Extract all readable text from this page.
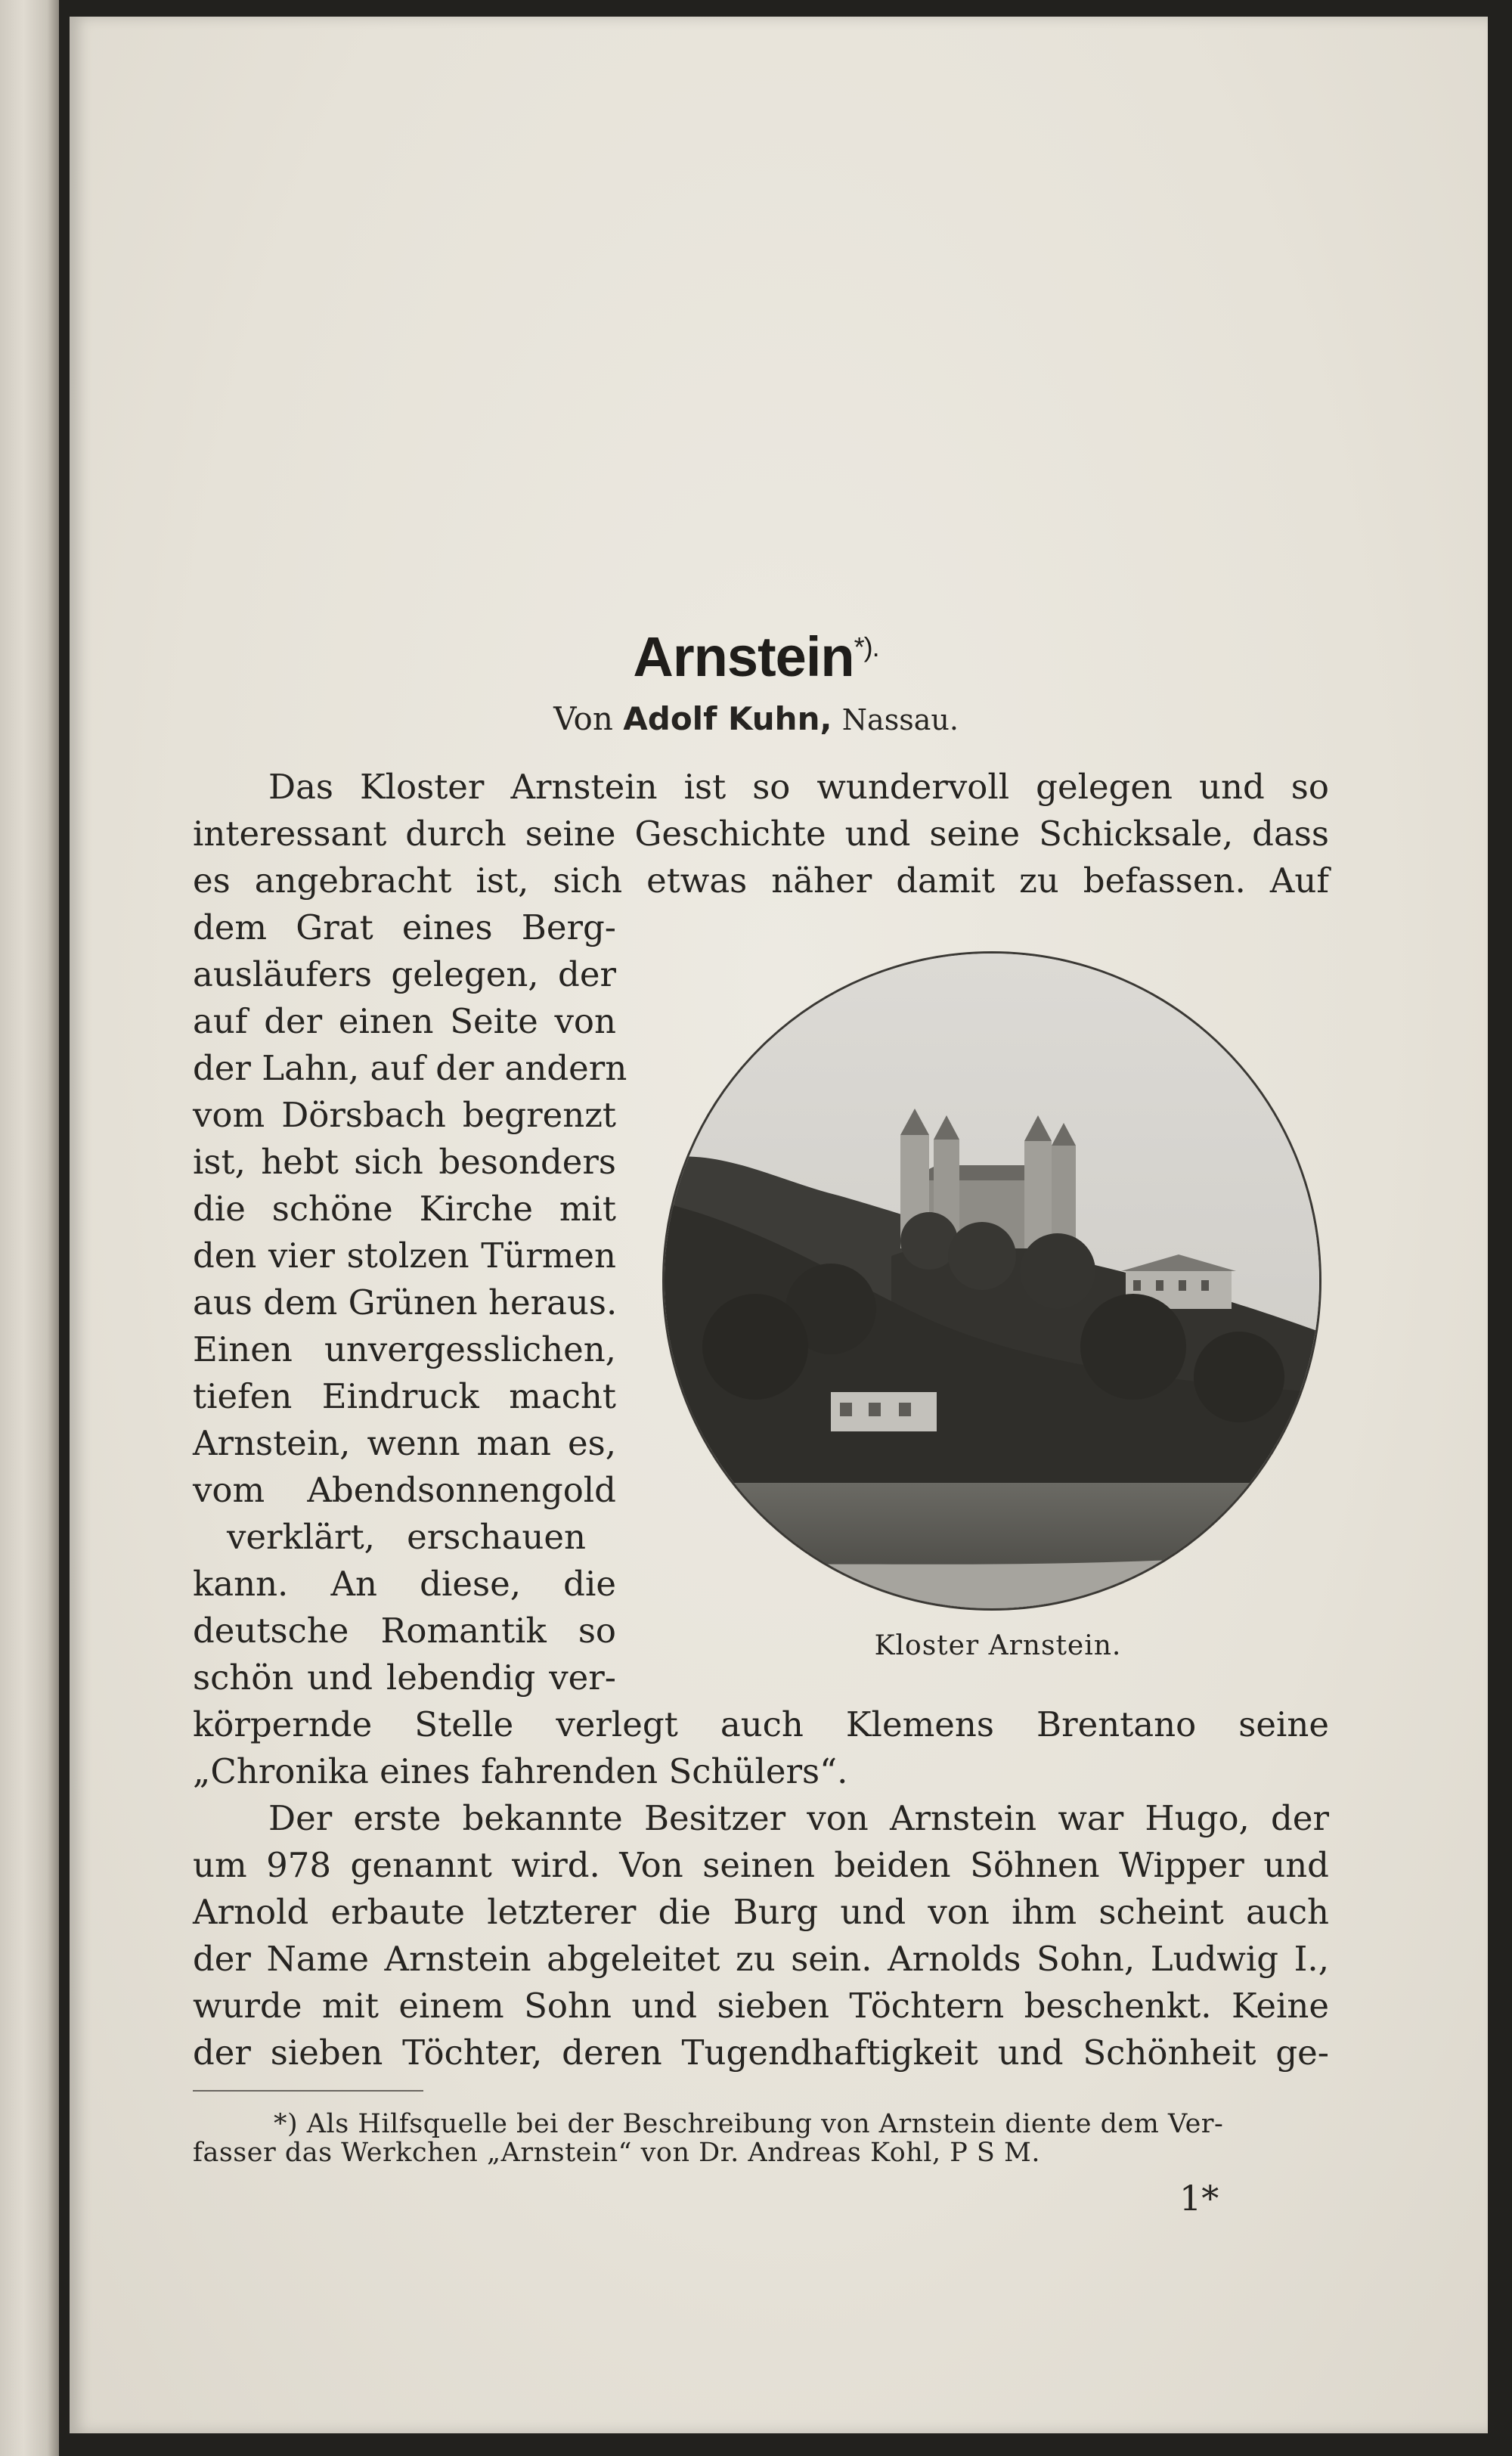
Arnstein*).
Von Adolf Kuhn, Nassau.
Das Kloster Arnstein ist so wundervoll gelegen und so
interessant durch seine Geschichte und seine Schicksale, dass
es angebracht ist, sich etwas näher damit zu befassen. Auf
dem Grat eines Berg-
ausläufers gelegen, der
auf der einen Seite von
der Lahn, auf der andern
vom Dörsbach begrenzt
ist, hebt sich besonders
die schöne Kirche mit
den vier stolzen Türmen
aus dem Grünen heraus.
Einen unvergesslichen,
tiefen Eindruck macht
Arnstein, wenn man es,
vom Abendsonnengold
verklärt, erschauen
kann. An diese, die
deutsche Romantik so
schön und lebendig ver-
körpernde Stelle verlegt auch Klemens Brentano seine
„Chronika eines fahrenden Schülers“.
Der erste bekannte Besitzer von Arnstein war Hugo, der
um 978 genannt wird. Von seinen beiden Söhnen Wipper und
Arnold erbaute letzterer die Burg und von ihm scheint auch
der Name Arnstein abgeleitet zu sein. Arnolds Sohn, Ludwig I.,
wurde mit einem Sohn und sieben Töchtern beschenkt. Keine
der sieben Töchter, deren Tugendhaftigkeit und Schönheit ge-
Kloster Arnstein.
*) Als Hilfsquelle bei der Beschreibung von Arnstein diente dem Ver-
fasser das Werkchen „Arnstein“ von Dr. Andreas Kohl, P S M.
1*
